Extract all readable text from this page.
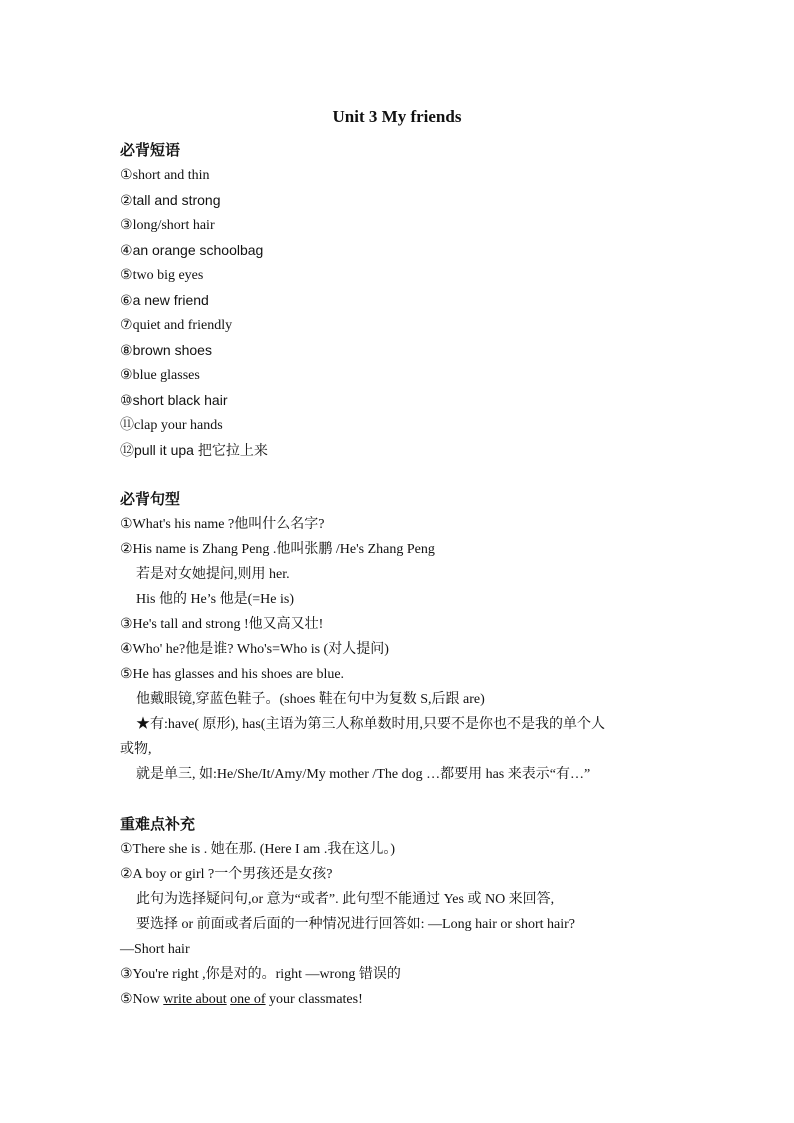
Unit 3 My friends
必背短语
①short and thin
②tall and strong
③long/short hair
④an orange schoolbag
⑤two big eyes
⑥a new friend
⑦quiet and friendly
⑧brown shoes
⑨blue glasses
⑩short black hair
⑪clap your hands
⑫pull it upa 把它拉上来
必背句型
①What's his name ?他叫什么名字?
②His name is Zhang Peng .他叫张鹏 /He's Zhang Peng
若是对女她提问,则用 her.
His 他的 He’s 他是(=He is)
③He's tall and strong !他又高又壮!
④Who' he?他是谁? Who's=Who is (对人提问)
⑤He has glasses and his shoes are blue.
他戴眼镜,穿蓝色鞋子。(shoes 鞋在句中为复数 S,后跟 are)
★有:have( 原形), has(主语为第三人称单数时用,只要不是你也不是我的单个人
或物,
就是单三, 如:He/She/It/Amy/My mother /The dog …都要用 has 来表示“有…”
重难点补充
①There she is . 她在那. (Here I am .我在这儿。)
②A boy or girl ?一个男孩还是女孩?
此句为选择疑问句,or 意为“或者”. 此句型不能通过 Yes 或 NO 来回答,
要选择 or 前面或者后面的一种情况进行回答如: —Long hair or short hair?
—Short hair
③You're right ,你是对的。right —wrong 错误的
⑤Now write about one of your classmates!
